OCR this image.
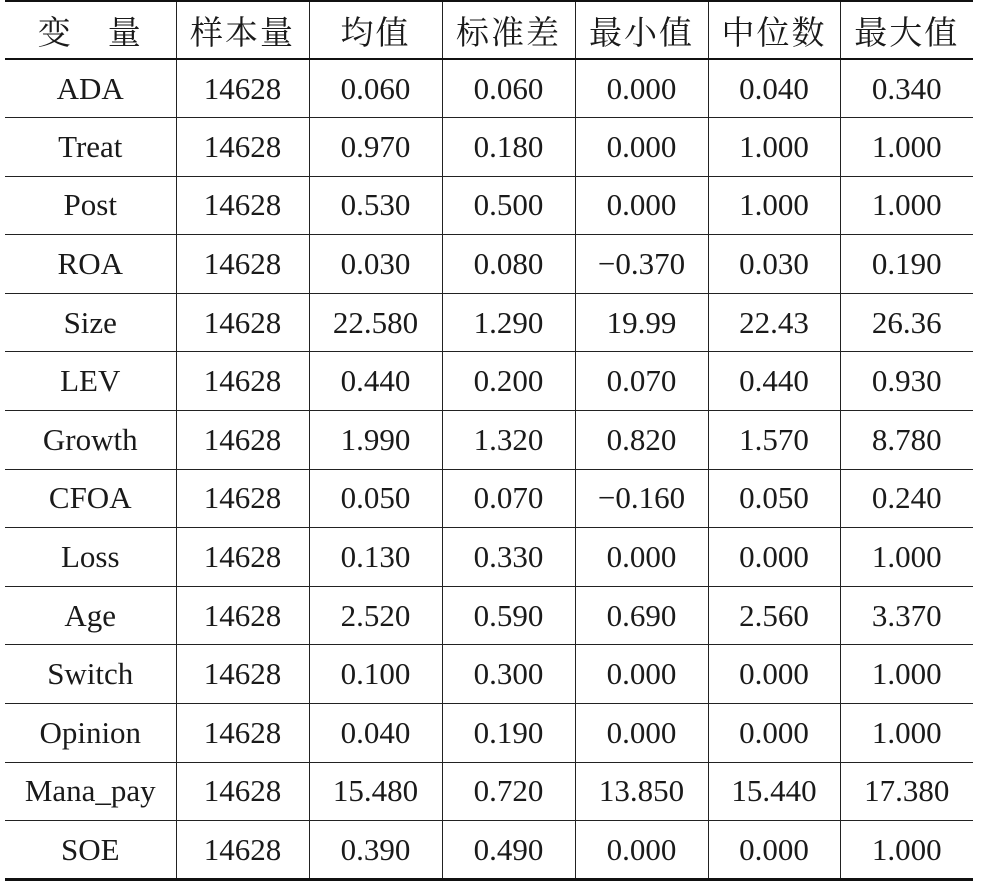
变　量	样本量	均值	标准差	最小值	中位数	最大值
ADA	14628	0.060	0.060	0.000	0.040	0.340
Treat	14628	0.970	0.180	0.000	1.000	1.000
Post	14628	0.530	0.500	0.000	1.000	1.000
ROA	14628	0.030	0.080	−0.370	0.030	0.190
Size	14628	22.580	1.290	19.99	22.43	26.36
LEV	14628	0.440	0.200	0.070	0.440	0.930
Growth	14628	1.990	1.320	0.820	1.570	8.780
CFOA	14628	0.050	0.070	−0.160	0.050	0.240
Loss	14628	0.130	0.330	0.000	0.000	1.000
Age	14628	2.520	0.590	0.690	2.560	3.370
Switch	14628	0.100	0.300	0.000	0.000	1.000
Opinion	14628	0.040	0.190	0.000	0.000	1.000
Mana_pay	14628	15.480	0.720	13.850	15.440	17.380
SOE	14628	0.390	0.490	0.000	0.000	1.000
